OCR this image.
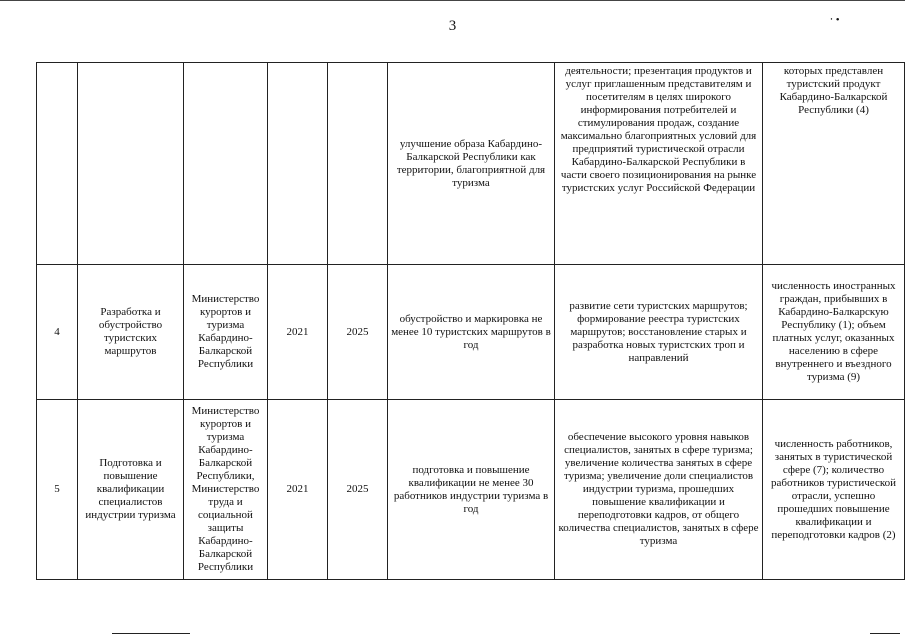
3	⸱ •
					улучшение образа Кабардино-Балкарской Республики как территории, благоприятной для туризма	деятельности; презентация продуктов и услуг приглашенным представителям и посетителям в целях широкого информирования потребителей и стимулирования продаж, создание максимально благоприятных условий для предприятий туристической отрасли Кабардино-Балкарской Республики в части своего позиционирования на рынке туристских услуг Российской Федерации	которых представлен туристский продукт Кабардино-Балкарской Республики (4)
4	Разработка и обустройство туристских маршрутов	Министерство курортов и туризма Кабардино-Балкарской Республики	2021	2025	обустройство и маркировка не менее 10 туристских маршрутов в год	развитие сети туристских маршрутов; формирование реестра туристских маршрутов; восстановление старых и разработка новых туристских троп и направлений	численность иностранных граждан, прибывших в Кабардино-Балкарскую Республику (1); объем платных услуг, оказанных населению в сфере внутреннего и въездного туризма (9)
5	Подготовка и повышение квалификации специалистов индустрии туризма	Министерство курортов и туризма Кабардино-Балкарской Республики, Министерство труда и социальной защиты Кабардино-Балкарской Республики	2021	2025	подготовка и повышение квалификации не менее 30 работников индустрии туризма в год	обеспечение высокого уровня навыков специалистов, занятых в сфере туризма; увеличение количества занятых в сфере туризма; увеличение доли специалистов индустрии туризма, прошедших повышение квалификации и переподготовки кадров, от общего количества специалистов, занятых в сфере туризма	численность работников, занятых в туристической сфере (7); количество работников туристической отрасли, успешно прошедших повышение квалификации и переподготовки кадров (2)
